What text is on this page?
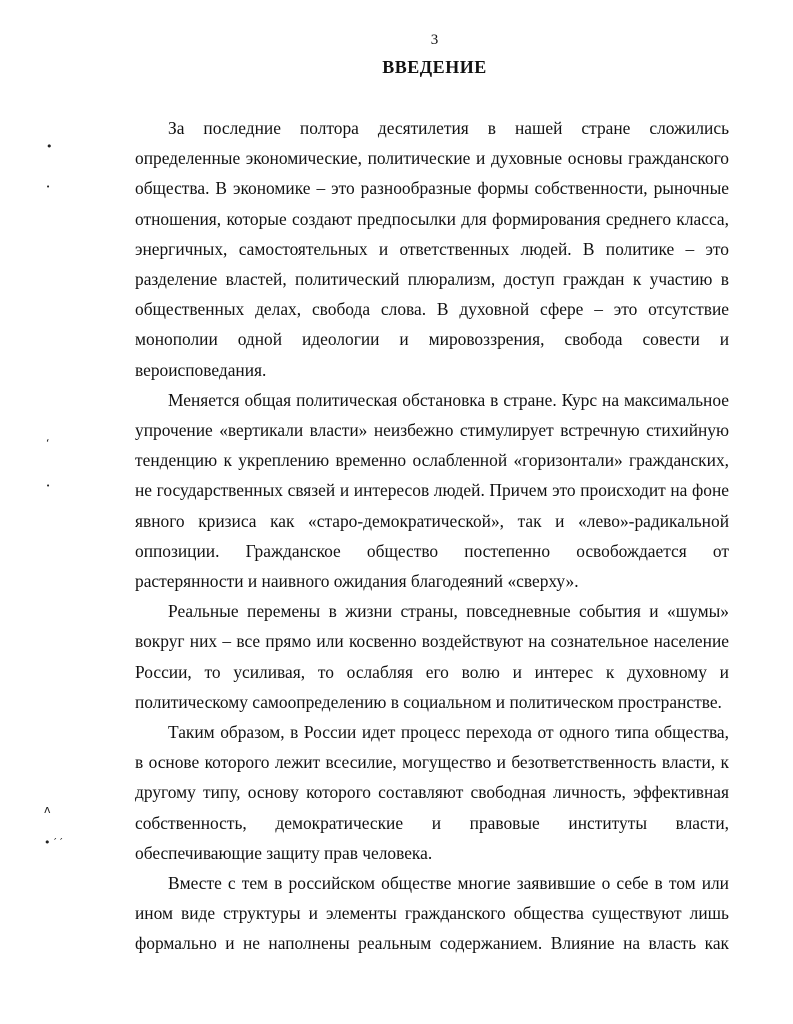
3
ВВЕДЕНИЕ

За последние полтора десятилетия в нашей стране сложились определенные экономические, политические и духовные основы гражданского общества. В экономике – это разнообразные формы собственности, рыночные отношения, которые создают предпосылки для формирования среднего класса, энергичных, самостоятельных и ответственных людей. В политике – это разделение властей, политический плюрализм, доступ граждан к участию в общественных делах, свобода слова. В духовной сфере – это отсутствие монополии одной идеологии и мировоззрения, свобода совести и вероисповедания.

Меняется общая политическая обстановка в стране. Курс на максимальное упрочение «вертикали власти» неизбежно стимулирует встречную стихийную тенденцию к укреплению временно ослабленной «горизонтали» гражданских, не государственных связей и интересов людей. Причем это происходит на фоне явного кризиса как «старо-демократической», так и «лево»-радикальной оппозиции. Гражданское общество постепенно освобождается от растерянности и наивного ожидания благодеяний «сверху».

Реальные перемены в жизни страны, повседневные события и «шумы» вокруг них – все прямо или косвенно воздействуют на сознательное население России, то усиливая, то ослабляя его волю и интерес к духовному и политическому самоопределению в социальном и политическом пространстве.

Таким образом, в России идет процесс перехода от одного типа общества, в основе которого лежит всесилие, могущество и безответственность власти, к другому типу, основу которого составляют свободная личность, эффективная собственность, демократические и правовые институты власти, обеспечивающие защиту прав человека.

Вместе с тем в российском обществе многие заявившие о себе в том или ином виде структуры и элементы гражданского общества существуют лишь формально и не наполнены реальным содержанием. Влияние на власть как

•
•
‘
•
ʌ
• ′ ′
